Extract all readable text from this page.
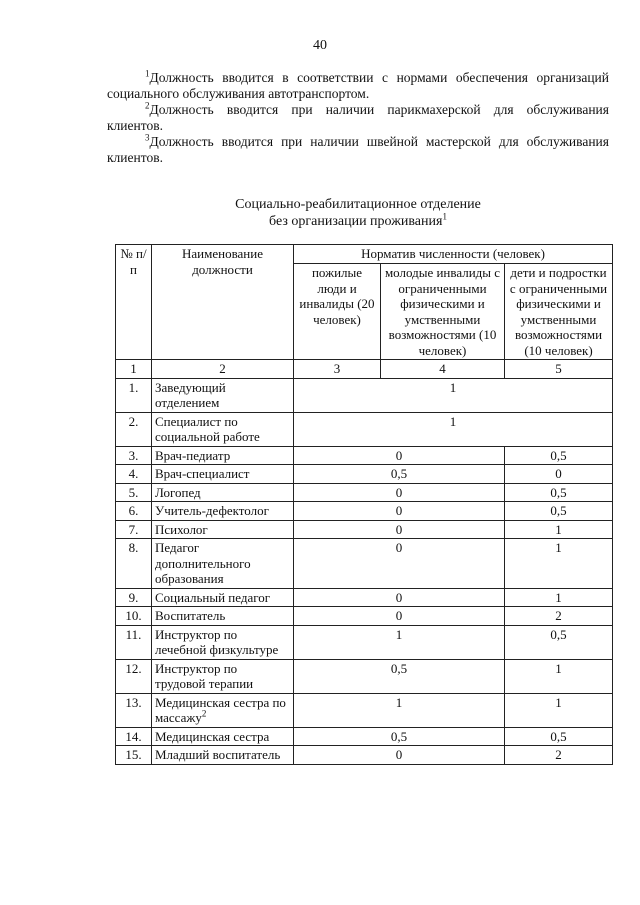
40

$^1$Должность вводится в соответствии с нормами обеспечения организаций социального обслуживания автотранспортом.

$^2$Должность вводится при наличии парикмахерской для обслуживания клиентов.

$^3$Должность вводится при наличии швейной мастерской для обслуживания клиентов.

Социально-реабилитационное отделение
без организации проживания$^1$
№ п/п	Наименование должности	Норматив численности (человек)		
		пожилые люди и инвалиды (20 человек)	молодые инвалиды с ограниченными физическими и умственными возможностями (10 человек)	дети и подростки с ограниченными физическими и умственными возможностями (10 человек)
1	2	3	4	5
1.	Заведующий отделением	1		
2.	Специалист по социальной работе	1		
3.	Врач-педиатр	0		0,5
4.	Врач-специалист	0,5		0
5.	Логопед	0		0,5
6.	Учитель-дефектолог	0		0,5
7.	Психолог	0		1
8.	Педагог дополнительного образования	0		1
9.	Социальный педагог	0		1
10.	Воспитатель	0		2
11.	Инструктор по лечебной физкультуре	1		0,5
12.	Инструктор по трудовой терапии	0,5		1
13.	Медицинская сестра по массажу$^2$	1		1
14.	Медицинская сестра	0,5		0,5
15.	Младший воспитатель	0		2
